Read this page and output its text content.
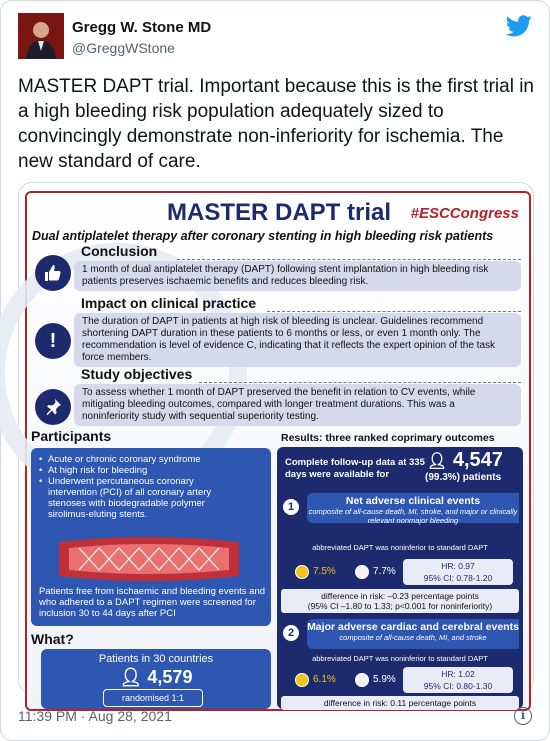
Gregg W. Stone MD
@GreggWStone
MASTER DAPT trial. Important because this is the first trial in a high bleeding risk population adequately sized to convincingly demonstrate non-inferiority for ischemia. The new standard of care.
MASTER DAPT trial	#ESCCongress
Dual antiplatelet therapy after coronary stenting in high bleeding risk patients
Conclusion
1 month of dual antiplatelet therapy (DAPT) following stent implantation in high bleeding risk patients preserves ischaemic benefits and reduces bleeding risk.
!
Impact on clinical practice
The duration of DAPT in patients at high risk of bleeding is unclear. Guidelines recommend shortening DAPT duration in these patients to 6 months or less, or even 1 month only. The recommendation is level of evidence C, indicating that it reflects the expert opinion of the task force members.
Study objectives
To assess whether 1 month of DAPT preserved the benefit in relation to CV events, while mitigating bleeding outcomes, compared with longer treatment durations. This was a noninferiority study with sequential superiority testing.
Participants
• Acute or chronic coronary syndrome
• At high risk for bleeding
• Underwent percutaneous coronary intervention (PCI) of all coronary artery stenoses with biodegradable polymer sirolimus-eluting stents.
Patients free from ischaemic and bleeding events and who adhered to a DAPT regimen were screened for inclusion 30 to 44 days after PCI
What?
Patients in 30 countries
👤︎ 4,579
randomised 1:1
Results: three ranked coprimary outcomes
Complete follow-up data at 335 days were available for
👤︎ 4,547
(99.3%) patients
1	Net adverse clinical events
composite of all-cause death, MI, stroke, and major or clinically relevant nonmajor bleeding
abbreviated DAPT was noninferior to standard DAPT
7.5%	7.7%	HR: 0.97
95% CI: 0.78-1.20
difference in risk: –0.23 percentage points
(95% CI –1.80 to 1.33; p<0.001 for noninferiority)
2	Major adverse cardiac and cerebral events
composite of all-cause death, MI, and stroke
abbreviated DAPT was noninferior to standard DAPT
6.1%	5.9%	HR: 1.02
95% CI: 0.80-1.30
difference in risk: 0.11 percentage points
11:39 PM · Aug 28, 2021	i
